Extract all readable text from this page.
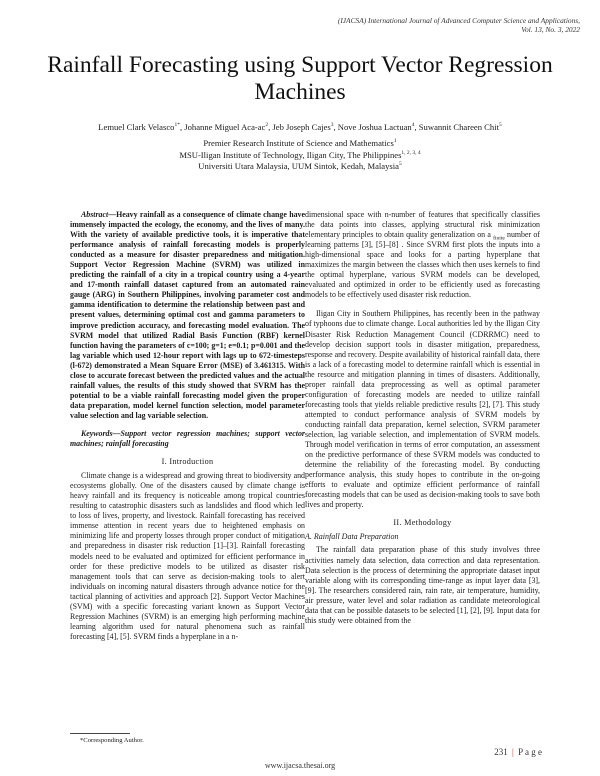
(IJACSA) International Journal of Advanced Computer Science and Applications,
Vol. 13, No. 3, 2022
Rainfall Forecasting using Support Vector Regression Machines
Lemuel Clark Velasco$^{1*}$, Johanne Miguel Aca-$ac^2$, Jeb Joseph Cajes$^3$, Nove Joshua Lactuan$^4$, Suwannit Chareen Chit$^5$
Premier Research Institute of Science and Mathematics$^1$
MSU-Iligan Institute of Technology, Iligan City, The Philippines$^{1, 2, 3, 4}$
Universiti Utara Malaysia, UUM Sintok, Kedah, Malaysia$^5$

Abstract—Heavy rainfall as a consequence of climate change have immensely impacted the ecology, the economy, and the lives of many. With the variety of available predictive tools, it is imperative that performance analysis of rainfall forecasting models is properly conducted as a measure for disaster preparedness and mitigation. Support Vector Regression Machine (SVRM) was utilized in predicting the rainfall of a city in a tropical country using a 4-year and 17-month rainfall dataset captured from an automated rain gauge (ARG) in Southern Philippines, involving parameter cost and gamma identification to determine the relationship between past and present values, determining optimal cost and gamma parameters to improve prediction accuracy, and forecasting model evaluation. The SVRM model that utilized Radial Basis Function (RBF) kernel function having the parameters of c=100; g=1; e=0.1; p=0.001 and the lag variable which used 12-hour report with lags up to 672-timesteps (l-672) demonstrated a Mean Square Error (MSE) of 3.461315. With close to accurate forecast between the predicted values and the actual rainfall values, the results of this study showed that SVRM has the potential to be a viable rainfall forecasting model given the proper data preparation, model kernel function selection, model parameter value selection and lag variable selection.

Keywords—Support vector regression machines; support vector machines; rainfall forecasting

I. Introduction

Climate change is a widespread and growing threat to biodiversity and ecosystems globally. One of the disasters caused by climate change is heavy rainfall and its frequency is noticeable among tropical countries resulting to catastrophic disasters such as landslides and flood which led to loss of lives, property, and livestock. Rainfall forecasting has received immense attention in recent years due to heightened emphasis on minimizing life and property losses through proper conduct of mitigation and preparedness in disaster risk reduction [1]–[3]. Rainfall forecasting models need to be evaluated and optimized for efficient performance in order for these predictive models to be utilized as disaster risk management tools that can serve as decision-making tools to alert individuals on incoming natural disasters through advance notice for the tactical planning of activities and approach [2]. Support Vector Machines (SVM) with a specific forecasting variant known as Support Vector Regression Machines (SVRM) is an emerging high performing machine learning algorithm used for natural phenomena such as rainfall forecasting [4], [5]. SVRM finds a hyperplane in a n-

dimensional space with n-number of features that specifically classifies the data points into classes, applying structural risk minimization elementary principles to obtain quality generalization on a $_{finite}$ number of learning patterns [3], [5]–[8] . Since SVRM first plots the inputs into a high-dimensional space and looks for a parting hyperplane that maximizes the margin between the classes which then uses kernels to find the optimal hyperplane, various SVRM models can be developed, evaluated and optimized in order to be efficiently used as forecasting models to be effectively used disaster risk reduction.

Iligan City in Southern Philippines, has recently been in the pathway of typhoons due to climate change. Local authorities led by the Iligan City Disaster Risk Reduction Management Council (CDRRMC) need to develop decision support tools in disaster mitigation, preparedness, response and recovery. Despite availability of historical rainfall data, there is a lack of a forecasting model to determine rainfall which is essential in the resource and mitigation planning in times of disasters. Additionally, proper rainfall data preprocessing as well as optimal parameter configuration of forecasting models are needed to utilize rainfall forecasting tools that yields reliable predictive results [2], [7]. This study attempted to conduct performance analysis of SVRM models by conducting rainfall data preparation, kernel selection, SVRM parameter selection, lag variable selection, and implementation of SVRM models. Through model verification in terms of error computation, an assessment on the predictive performance of these SVRM models was conducted to determine the reliability of the forecasting model. By conducting performance analysis, this study hopes to contribute in the on-going efforts to evaluate and optimize efficient performance of rainfall forecasting models that can be used as decision-making tools to save both lives and property.

II. Methodology

A. Rainfall Data Preparation

The rainfall data preparation phase of this study involves three activities namely data selection, data correction and data representation. Data selection is the process of determining the appropriate dataset input variable along with its corresponding time-range as input layer data [3], [9]. The researchers considered rain, rain rate, air temperature, humidity, air pressure, water level and solar radiation as candidate meteorological data that can be possible datasets to be selected [1], [2], [9]. Input data for this study were obtained from the

*Corresponding Author.
231 | P a g e
www.ijacsa.thesai.org
